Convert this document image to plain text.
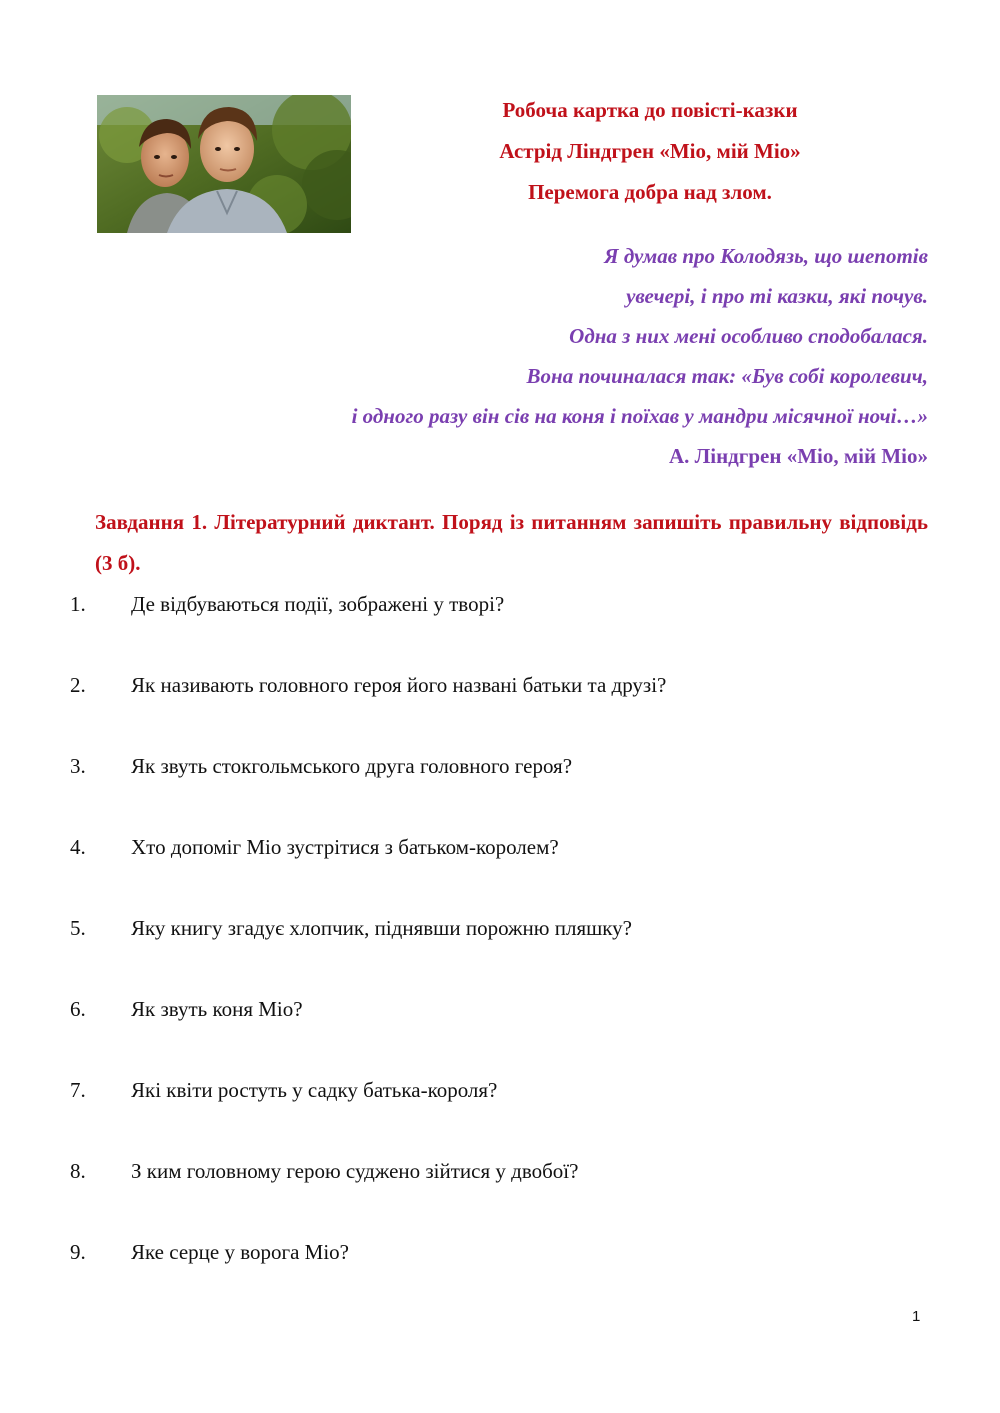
Робоча картка до повісті-казки
Астрід Ліндгрен «Міо, мій Міо»
Перемога добра над злом.
Я думав про Колодязь, що шепотів
увечері, і про ті казки, які почув.
Одна з них мені особливо сподобалася.
Вона починалася так: «Був собі королевич,
і одного разу він сів на коня і поїхав у мандри місячної ночі…»
А. Ліндгрен «Міо, мій Міо»
Завдання 1. Літературний диктант. Поряд із питанням запишіть правильну відповідь (3 б).
1.	Де відбуваються події, зображені у творі?
2.	Як називають головного героя його названі батьки та друзі?
3.	Як звуть стокгольмського друга головного героя?
4.	Хто допоміг Міо зустрітися з батьком-королем?
5.	Яку книгу згадує хлопчик, піднявши порожню пляшку?
6.	Як звуть коня Міо?
7.	Які квіти ростуть у садку батька-короля?
8.	З ким головному герою суджено зійтися у двобої?
9.	Яке серце у ворога Міо?
1
